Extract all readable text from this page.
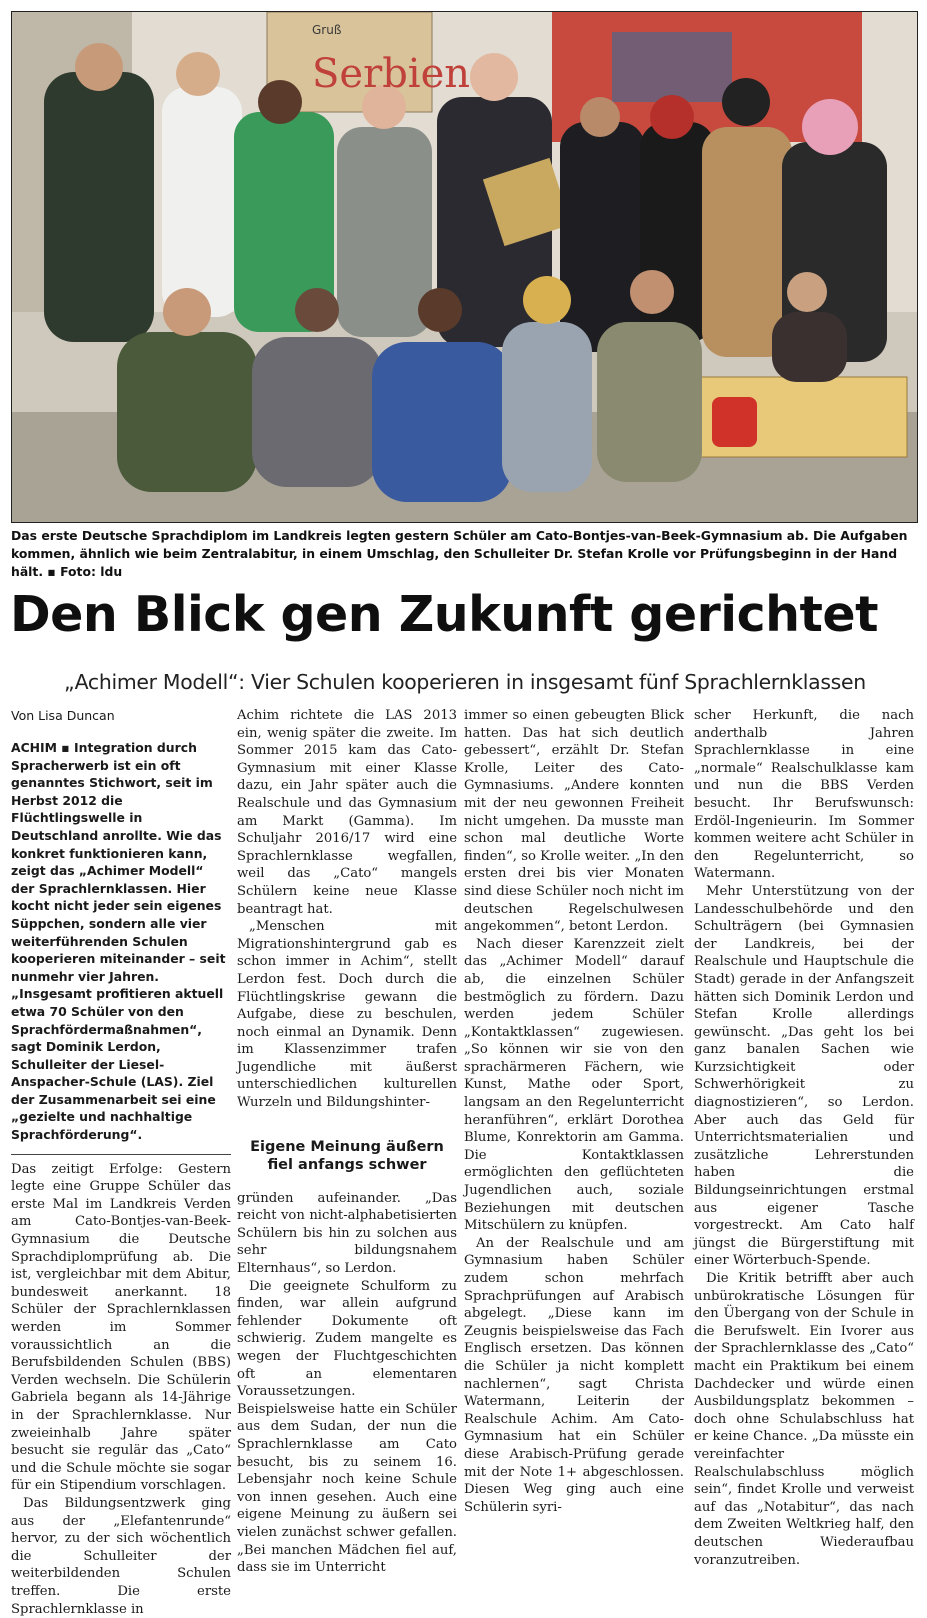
Serbien
Gruß
Das erste Deutsche Sprachdiplom im Landkreis legten gestern Schüler am Cato-Bontjes-van-Beek-Gymnasium ab. Die Aufgaben kommen, ähnlich wie beim Zentralabitur, in einem Umschlag, den Schulleiter Dr. Stefan Krolle vor Prüfungsbeginn in der Hand hält. ▪ Foto: ldu
Den Blick gen Zukunft gerichtet
„Achimer Modell“: Vier Schulen kooperieren in insgesamt fünf Sprachlernklassen
Von Lisa Duncan

ACHIM ▪ Integration durch Spracherwerb ist ein oft genanntes Stichwort, seit im Herbst 2012 die Flüchtlingswelle in Deutschland anrollte. Wie das konkret funktionieren kann, zeigt das „Achimer Modell“ der Sprachlernklassen. Hier kocht nicht jeder sein eigenes Süppchen, sondern alle vier weiterführenden Schulen kooperieren miteinander – seit nunmehr vier Jahren. „Insgesamt profitieren aktuell etwa 70 Schüler von den Sprachfördermaßnahmen“, sagt Dominik Lerdon, Schulleiter der Liesel-Anspacher-Schule (LAS). Ziel der Zusammenarbeit sei eine „gezielte und nachhaltige Sprachförderung“.

Das zeitigt Erfolge: Gestern legte eine Gruppe Schüler das erste Mal im Landkreis Verden am Cato-Bontjes-van-Beek-Gymnasium die Deutsche Sprachdiplomprüfung ab. Die ist, vergleichbar mit dem Abitur, bundesweit anerkannt. 18 Schüler der Sprachlernklassen werden im Sommer voraussichtlich an die Berufsbildenden Schulen (BBS) Verden wechseln. Die Schülerin Gabriela begann als 14-Jährige in der Sprachlernklasse. Nur zweieinhalb Jahre später besucht sie regulär das „Cato“ und die Schule möchte sie sogar für ein Stipendium vorschlagen.

Das Bildungsentzwerk ging aus der „Elefantenrunde“ hervor, zu der sich wöchentlich die Schulleiter der weiterbildenden Schulen treffen. Die erste Sprachlernklasse in

Achim richtete die LAS 2013 ein, wenig später die zweite. Im Sommer 2015 kam das Cato-Gymnasium mit einer Klasse dazu, ein Jahr später auch die Realschule und das Gymnasium am Markt (Gamma). Im Schuljahr 2016/17 wird eine Sprachlernklasse wegfallen, weil das „Cato“ mangels Schülern keine neue Klasse beantragt hat.

„Menschen mit Migrationshintergrund gab es schon immer in Achim“, stellt Lerdon fest. Doch durch die Flüchtlingskrise gewann die Aufgabe, diese zu beschulen, noch einmal an Dynamik. Denn im Klassenzimmer trafen Jugendliche mit äußerst unterschiedlichen kulturellen Wurzeln und Bildungshinter-

Eigene Meinung äußern fiel anfangs schwer

gründen aufeinander. „Das reicht von nicht-alphabetisierten Schülern bis hin zu solchen aus sehr bildungsnahem Elternhaus“, so Lerdon.

Die geeignete Schulform zu finden, war allein aufgrund fehlender Dokumente oft schwierig. Zudem mangelte es wegen der Fluchtgeschichten oft an elementaren Voraussetzungen. Beispielsweise hatte ein Schüler aus dem Sudan, der nun die Sprachlernklasse am Cato besucht, bis zu seinem 16. Lebensjahr noch keine Schule von innen gesehen. Auch eine eigene Meinung zu äußern sei vielen zunächst schwer gefallen. „Bei manchen Mädchen fiel auf, dass sie im Unterricht

immer so einen gebeugten Blick hatten. Das hat sich deutlich gebessert“, erzählt Dr. Stefan Krolle, Leiter des Cato-Gymnasiums. „Andere konnten mit der neu gewonnen Freiheit nicht umgehen. Da musste man schon mal deutliche Worte finden“, so Krolle weiter. „In den ersten drei bis vier Monaten sind diese Schüler noch nicht im deutschen Regelschulwesen angekommen“, betont Lerdon.

Nach dieser Karenzzeit zielt das „Achimer Modell“ darauf ab, die einzelnen Schüler bestmöglich zu fördern. Dazu werden jedem Schüler „Kontaktklassen“ zugewiesen. „So können wir sie von den sprachärmeren Fächern, wie Kunst, Mathe oder Sport, langsam an den Regelunterricht heranführen“, erklärt Dorothea Blume, Konrektorin am Gamma. Die Kontaktklassen ermöglichten den geflüchteten Jugendlichen auch, soziale Beziehungen mit deutschen Mitschülern zu knüpfen.

An der Realschule und am Gymnasium haben Schüler zudem schon mehrfach Sprachprüfungen auf Arabisch abgelegt. „Diese kann im Zeugnis beispielsweise das Fach Englisch ersetzen. Das können die Schüler ja nicht komplett nachlernen“, sagt Christa Watermann, Leiterin der Realschule Achim. Am Cato-Gymnasium hat ein Schüler diese Arabisch-Prüfung gerade mit der Note 1+ abgeschlossen. Diesen Weg ging auch eine Schülerin syri-

scher Herkunft, die nach anderthalb Jahren Sprachlernklasse in eine „normale“ Realschulklasse kam und nun die BBS Verden besucht. Ihr Berufswunsch: Erdöl-Ingenieurin. Im Sommer kommen weitere acht Schüler in den Regelunterricht, so Watermann.

Mehr Unterstützung von der Landesschulbehörde und den Schulträgern (bei Gymnasien der Landkreis, bei der Realschule und Hauptschule die Stadt) gerade in der Anfangszeit hätten sich Dominik Lerdon und Stefan Krolle allerdings gewünscht. „Das geht los bei ganz banalen Sachen wie Kurzsichtigkeit oder Schwerhörigkeit zu diagnostizieren“, so Lerdon. Aber auch das Geld für Unterrichtsmaterialien und zusätzliche Lehrerstunden haben die Bildungseinrichtungen erstmal aus eigener Tasche vorgestreckt. Am Cato half jüngst die Bürgerstiftung mit einer Wörterbuch-Spende.

Die Kritik betrifft aber auch unbürokratische Lösungen für den Übergang von der Schule in die Berufswelt. Ein Ivorer aus der Sprachlernklasse des „Cato“ macht ein Praktikum bei einem Dachdecker und würde einen Ausbildungsplatz bekommen – doch ohne Schulabschluss hat er keine Chance. „Da müsste ein vereinfachter Realschulabschluss möglich sein“, findet Krolle und verweist auf das „Notabitur“, das nach dem Zweiten Weltkrieg half, den deutschen Wiederaufbau voranzutreiben.
